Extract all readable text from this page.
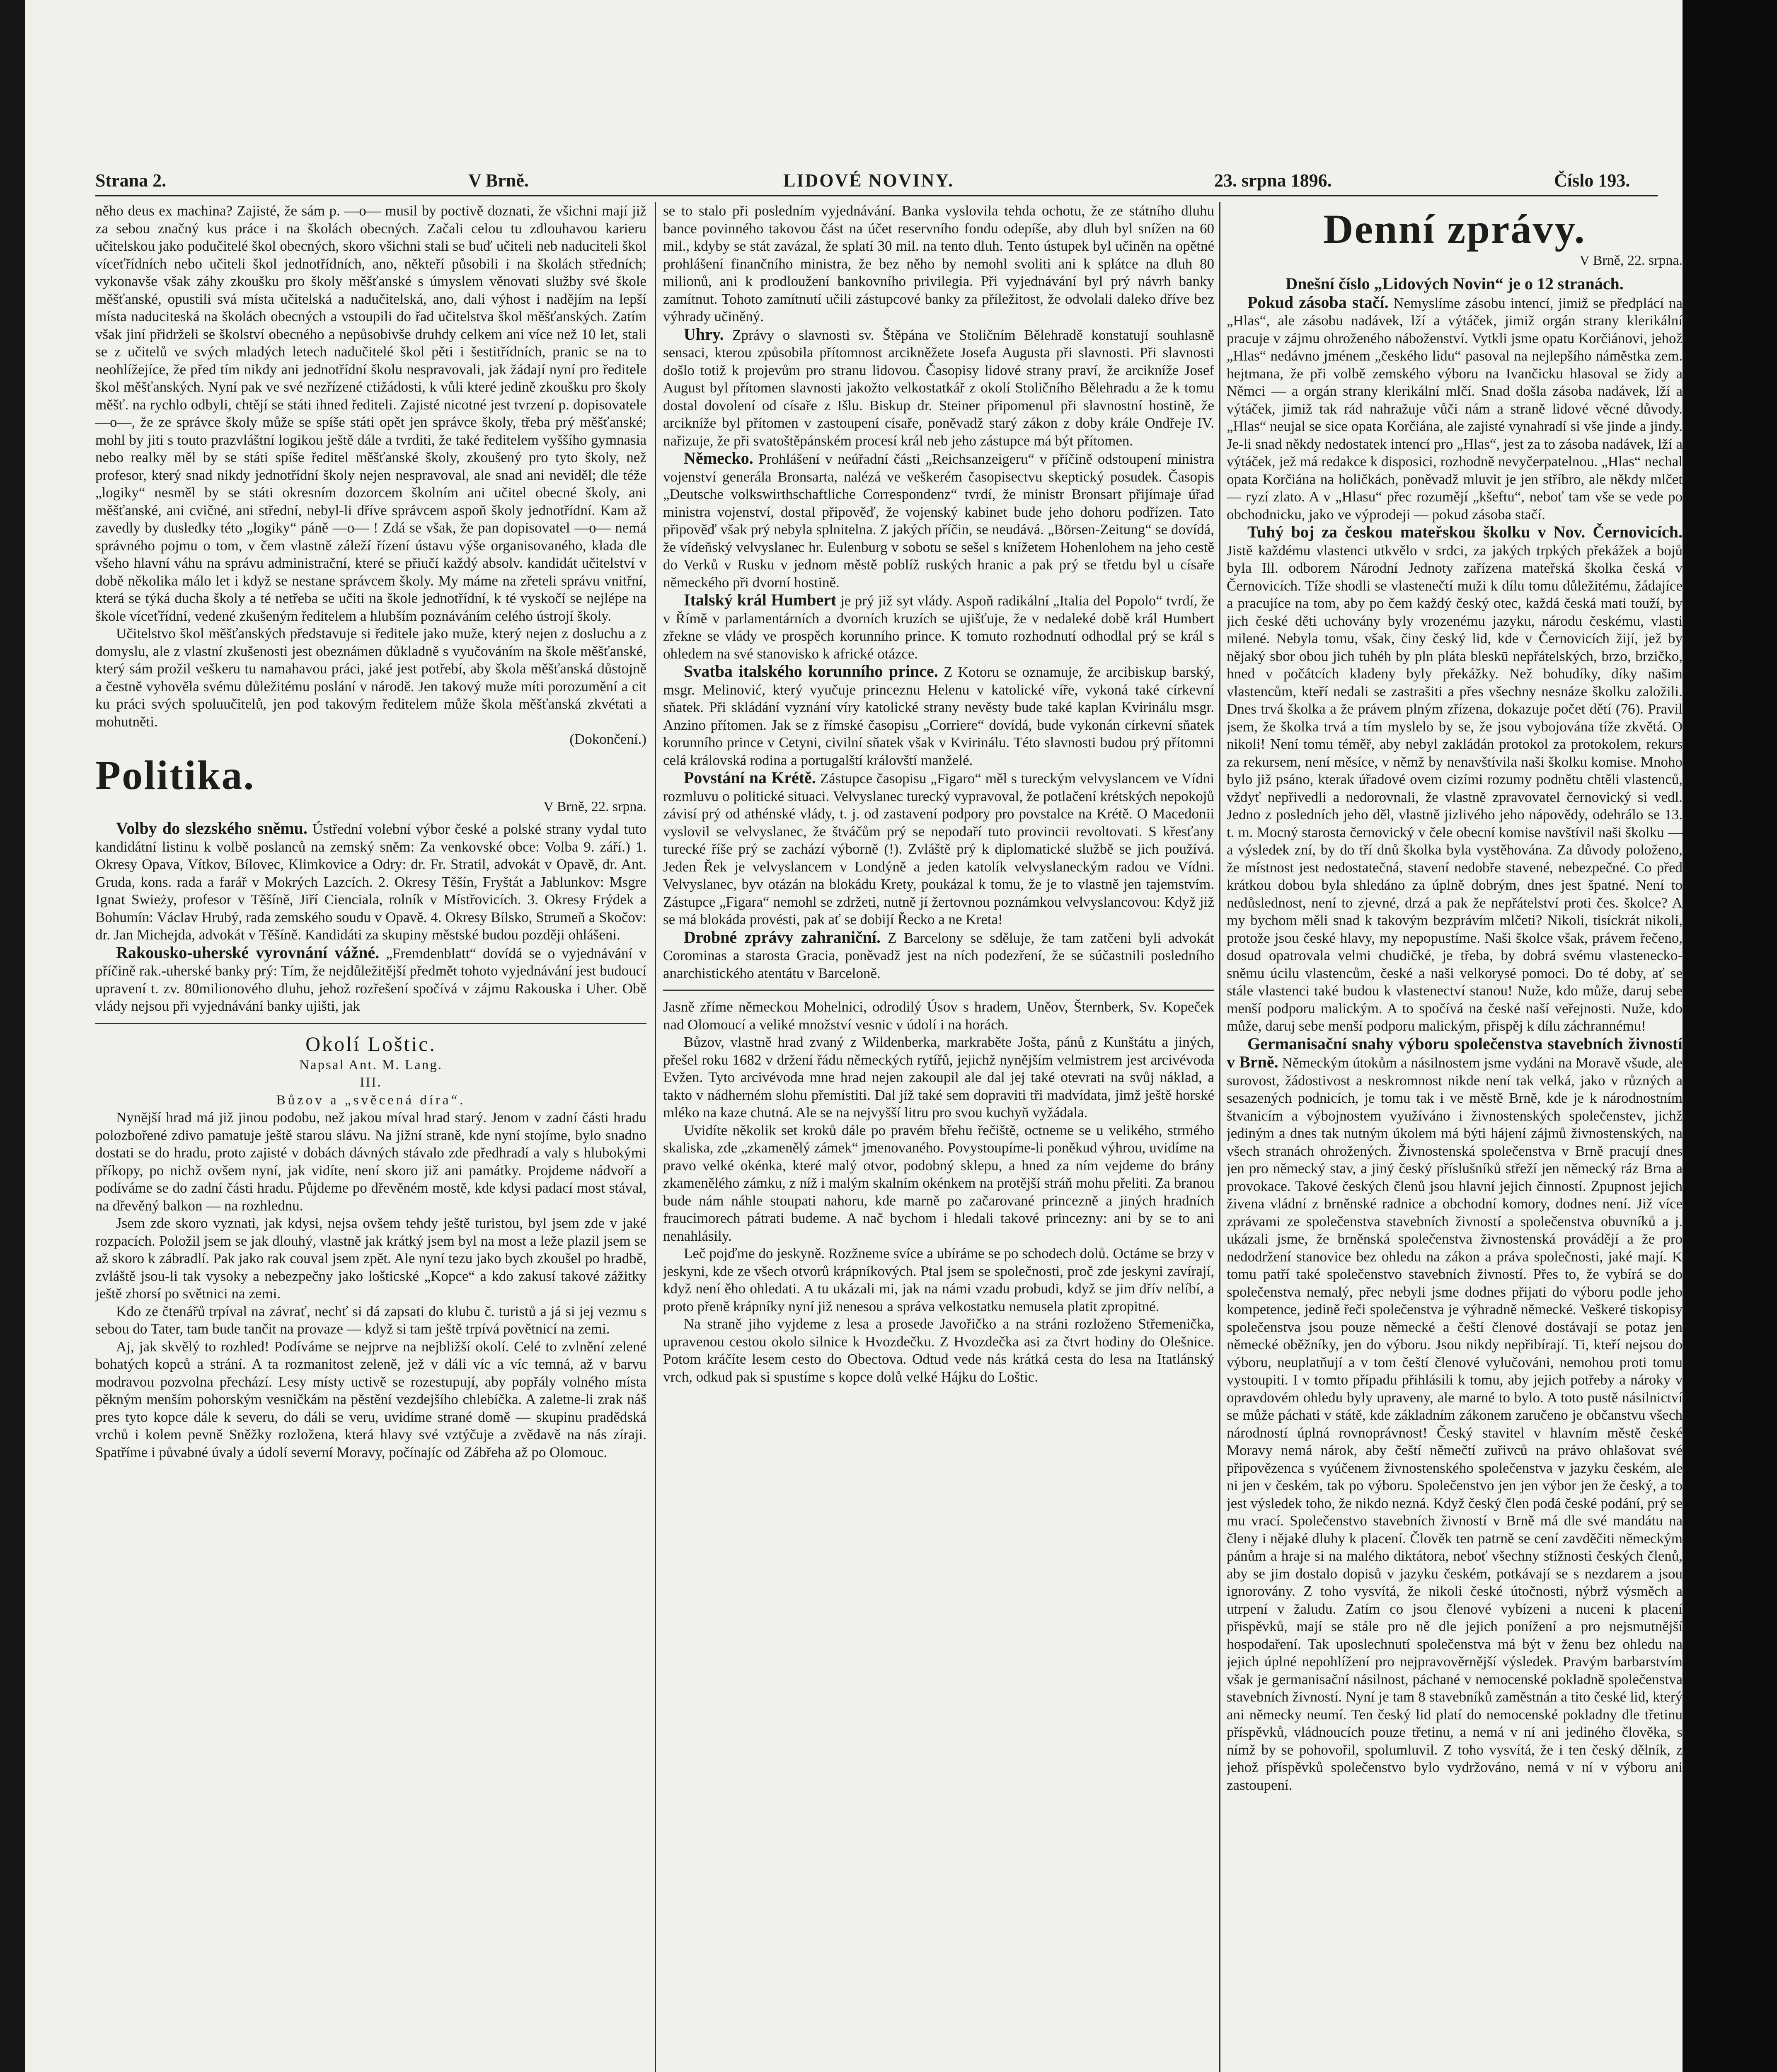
Strana 2.	V Brně.	LIDOVÉ NOVINY.	23. srpna 1896.	Číslo 193.

něho deus ex machina? Zajisté, že sám p. —o— musil by poctivě doznati, že všichni mají již za sebou značný kus práce i na školách obecných. Začali celou tu zdlouhavou karieru učitelskou jako podučitelé škol obecných, skoro všichni stali se buď učiteli neb naduciteli škol víceťřídních nebo učiteli škol jednotřídních, ano, někteří působili i na školách středních; vykonavše však záhy zkoušku pro školy měšťanské s úmyslem věnovati služby své škole měšťanské, opustili svá místa učitelská a nadučitelská, ano, dali výhost i nadějím na lepší místa naduciteská na školách obecných a vstoupili do řad učitelstva škol měšťanských. Zatím však jiní přidrželi se školství obecného a nepůsobivše druhdy celkem ani více než 10 let, stali se z učitelů ve svých mladých letech nadučitelé škol pěti i šestitřídních, pranic se na to neohlížejíce, že před tím nikdy ani jednotřídní školu nespravovali, jak žádají nyní pro ředitele škol měšťanských. Nyní pak ve své nezřízené ctižádosti, k vůli které jedině zkoušku pro školy měšť. na rychlo odbyli, chtějí se státi ihned řediteli. Zajisté nicotné jest tvrzení p. dopisovatele —o—, že ze správce školy může se spíše státi opět jen správce školy, třeba prý měšťanské; mohl by jiti s touto prazvláštní logikou ještě dále a tvrditi, že také ředitelem vyššího gymnasia nebo realky měl by se státi spíše ředitel měšťanské školy, zkoušený pro tyto školy, než profesor, který snad nikdy jednotřídní školy nejen nespravoval, ale snad ani neviděl; dle téže „logiky“ nesměl by se státi okresním dozorcem školním ani učitel obecné školy, ani měšťanské, ani cvičné, ani střední, nebyl-li dříve správcem aspoň školy jednotřídní. Kam až zavedly by dusledky této „logiky“ páně —o— ! Zdá se však, že pan dopisovatel —o— nemá správného pojmu o tom, v čem vlastně záleží řízení ústavu výše organisovaného, klada dle všeho hlavní váhu na správu administrační, které se přiučí každý absolv. kandidát učitelství v době několika málo let i když se nestane správcem školy. My máme na zřeteli správu vnitřní, která se týká ducha školy a té netřeba se učiti na škole jednotřídní, k té vyskočí se nejlépe na škole víceťřídní, vedené zkušeným ředitelem a hlubším poznáváním celého ústrojí školy.

Učitelstvo škol měšťanských představuje si ředitele jako muže, který nejen z dosluchu a z domyslu, ale z vlastní zkušenosti jest obeznámen důkladně s vyučováním na škole měšťanské, který sám prožil veškeru tu namahavou práci, jaké jest potřebí, aby škola měšťanská důstojně a čestně vyhověla svému důležitému poslání v národě. Jen takový muže míti porozumění a cit ku práci svých spoluučitelů, jen pod takovým ředitelem může škola měšťanská zkvétati a mohutněti.

(Dokončení.)
Politika.
V Brně, 22. srpna.

Volby do slezského sněmu. Ústřední volební výbor české a polské strany vydal tuto kandidátní listinu k volbě poslanců na zemský sněm: Za venkovské obce: Volba 9. září.) 1. Okresy Opava, Vítkov, Bílovec, Klimkovice a Odry: dr. Fr. Stratil, advokát v Opavě, dr. Ant. Gruda, kons. rada a farář v Mokrých Lazcích. 2. Okresy Těšín, Fryštát a Jablunkov: Msgre Ignat Swieży, profesor v Těšíně, Jiří Cienciala, rolník v Místřovicích. 3. Okresy Frýdek a Bohumín: Václav Hrubý, rada zemského soudu v Opavě. 4. Okresy Bílsko, Strumeň a Skočov: dr. Jan Michejda, advokát v Těšíně. Kandidáti za skupiny městské budou později ohlášeni.

Rakousko-uherské vyrovnání vážné. „Fremdenblatt“ dovídá se o vyjednávání v příčině rak.-uherské banky prý: Tím, že nejdůležitější předmět tohoto vyjednávání jest budoucí upravení t. zv. 80milionového dluhu, jehož rozřešení spočívá v zájmu Rakouska i Uher. Obě vlády nejsou při vyjednávání banky ujišti, jak

Okolí Loštic.
Napsal Ant. M. Lang.
III.
Bůzov a „svěcená díra“.

Nynější hrad má již jinou podobu, než jakou míval hrad starý. Jenom v zadní části hradu polozbořené zdivo pamatuje ještě starou slávu. Na jižní straně, kde nyní stojíme, bylo snadno dostati se do hradu, proto zajisté v dobách dávných stávalo zde předhradí a valy s hlubokými příkopy, po nichž ovšem nyní, jak vidíte, není skoro již ani památky. Projdeme nádvoří a podíváme se do zadní části hradu. Půjdeme po dřevěném mostě, kde kdysi padací most stával, na dřevěný balkon — na rozhlednu.

Jsem zde skoro vyznati, jak kdysi, nejsa ovšem tehdy ještě turistou, byl jsem zde v jaké rozpacích. Položil jsem se jak dlouhý, vlastně jak krátký jsem byl na most a leže plazil jsem se až skoro k zábradlí. Pak jako rak couval jsem zpět. Ale nyní tezu jako bych zkoušel po hradbě, zvláště jsou-li tak vysoky a nebezpečny jako lošticské „Kopce“ a kdo zakusí takové zážitky ještě zhorsí po světnici na zemi.

Kdo ze čtenářů trpíval na závrať, nechť si dá zapsati do klubu č. turistů a já si jej vezmu s sebou do Tater, tam bude tančit na provaze — když si tam ještě trpívá povětnicí na zemi.

Aj, jak skvělý to rozhled! Podíváme se nejprve na nejbližší okolí. Celé to zvlnění zelené bohatých kopců a strání. A ta rozmanitost zeleně, jež v dáli víc a víc temná, až v barvu modravou pozvolna přechází. Lesy místy uctivě se rozestupují, aby popřály volného místa pěkným menším pohorským vesničkám na pěstění vezdejšího chlebíčka. A zaletne-li zrak náš pres tyto kopce dále k severu, do dáli se veru, uvidíme strané domě — skupinu pradědská vrchů i kolem pevně Sněžky rozložena, která hlavy své vztýčuje a zvědavě na nás zíraji. Spatříme i půvabné úvaly a údolí severní Moravy, počínajíc od Zábřeha až po Olomouc.

se to stalo při posledním vyjednávání. Banka vyslovila tehda ochotu, že ze státního dluhu bance povinného takovou část na účet reservního fondu odepíše, aby dluh byl snížen na 60 mil., kdyby se stát zavázal, že splatí 30 mil. na tento dluh. Tento ústupek byl učiněn na opětné prohlášení finančního ministra, že bez něho by nemohl svoliti ani k splátce na dluh 80 milionů, ani k prodloužení bankovního privilegia. Při vyjednávání byl prý návrh banky zamítnut. Tohoto zamítnutí učili zástupcové banky za příležitost, že odvolali daleko dříve bez výhrady učiněný.

Uhry. Zprávy o slavnosti sv. Štěpána ve Stoličním Bělehradě konstatují souhlasně sensaci, kterou způsobila přítomnost arcikněžete Josefa Augusta při slavnosti. Při slavnosti došlo totiž k projevům pro stranu lidovou. Časopisy lidové strany praví, že arcikníže Josef August byl přítomen slavnosti jakožto velkostatkář z okolí Stoličního Bělehradu a že k tomu dostal dovolení od císaře z Išlu. Biskup dr. Steiner připomenul při slavnostní hostině, že arcikníže byl přítomen v zastoupení císaře, poněvadž starý zákon z doby krále Ondřeje IV. nařizuje, že při svatoštěpánském procesí král neb jeho zástupce má být přítomen.

Německo. Prohlášení v neúřadní části „Reichsanzeigeru“ v příčině odstoupení ministra vojenství generála Bronsarta, nalézá ve veškerém časopisectvu skeptický posudek. Časopis „Deutsche volkswirthschaftliche Correspondenz“ tvrdí, že ministr Bronsart přijímaje úřad ministra vojenství, dostal připověď, že vojenský kabinet bude jeho dohoru podřízen. Tato připověď však prý nebyla splnitelna. Z jakých příčin, se neudává. „Börsen-Zeitung“ se dovídá, že vídeňský velvyslanec hr. Eulenburg v sobotu se sešel s knížetem Hohenlohem na jeho cestě do Verků v Rusku v jednom městě poblíž ruských hranic a pak prý se třetdu byl u císaře německého při dvorní hostině.

Italský král Humbert je prý již syt vlády. Aspoň radikální „Italia del Popolo“ tvrdí, že v Římě v parlamentárních a dvorních kruzích se ujišťuje, že v nedaleké době král Humbert zřekne se vlády ve prospěch korunního prince. K tomuto rozhodnutí odhodlal prý se král s ohledem na své stanovisko k africké otázce.

Svatba italského korunního prince. Z Kotoru se oznamuje, že arcibiskup barský, msgr. Melinović, který vyučuje princeznu Helenu v katolické víře, vykoná také církevní sňatek. Při skládání vyznání víry katolické strany nevěsty bude také kaplan Kvirinálu msgr. Anzino přítomen. Jak se z římské časopisu „Corriere“ dovídá, bude vykonán církevní sňatek korunního prince v Cetyni, civilní sňatek však v Kvirinálu. Této slavnosti budou prý přítomni celá královská rodina a portugalští královští manželé.

Povstání na Krétě. Zástupce časopisu „Figaro“ měl s tureckým velvyslancem ve Vídni rozmluvu o politické situaci. Velvyslanec turecký vypravoval, že potlačení krétských nepokojů závisí prý od athénské vlády, t. j. od zastavení podpory pro povstalce na Krétě. O Macedonii vyslovil se velvyslanec, že štváčům prý se nepodaří tuto provincii revoltovati. S křesťany turecké říše prý se zachází výborně (!). Zvláště prý k diplomatické službě se jich používá. Jeden Řek je velvyslancem v Londýně a jeden katolík velvyslaneckým radou ve Vídni. Velvyslanec, byv otázán na blokádu Krety, poukázal k tomu, že je to vlastně jen tajemstvím. Zástupce „Figara“ nemohl se zdržeti, nutně jí žertovnou poznámkou velvyslancovou: Když již se má blokáda provésti, pak ať se dobijí Řecko a ne Kreta!

Drobné zprávy zahraniční. Z Barcelony se sděluje, že tam zatčeni byli advokát Corominas a starosta Gracia, poněvadž jest na ních podezření, že se súčastnili posledního anarchistického atentátu v Barceloně.

Jasně zříme německou Mohelnici, odrodilý Úsov s hradem, Uněov, Šternberk, Sv. Kopeček nad Olomoucí a veliké množství vesnic v údolí i na horách.

Bůzov, vlastně hrad zvaný z Wildenberka, markraběte Jošta, pánů z Kunštátu a jiných, přešel roku 1682 v držení řádu německých rytířů, jejichž nynějším velmistrem jest arcivévoda Evžen. Tyto arcivévoda mne hrad nejen zakoupil ale dal jej také otevrati na svůj náklad, a takto v nádherném slohu přemístiti. Dal jíž také sem dopraviti tři madvídata, jimž ještě horské mléko na kaze chutná. Ale se na nejvyšší litru pro svou kuchyň vyžádala.

Uvidíte několik set kroků dále po pravém břehu řečiště, octneme se u velikého, strmého skaliska, zde „zkamenělý zámek“ jmenovaného. Povystoupíme-li poněkud výhrou, uvidíme na pravo velké okénka, které malý otvor, podobný sklepu, a hned za ním vejdeme do brány zkamenělého zámku, z níž i malým skalním okénkem na protější stráň mohu přeliti. Za branou bude nám náhle stoupati nahoru, kde marně po začarované princezně a jiných hradních fraucimorech pátrati budeme. A nač bychom i hledali takové princezny: ani by se to ani nenahlásily.

Leč pojďme do jeskyně. Rozžneme svíce a ubíráme se po schodech dolů. Octáme se brzy v jeskyni, kde ze všech otvorů krápníkových. Ptal jsem se společnosti, proč zde jeskyni zavírají, když není ěho ohledati. A tu ukázali mi, jak na námi vzadu probudi, když se jim dřív nelíbí, a proto přeně krápníky nyní již nenesou a správa velkostatku nemusela platit zpropitné.

Na straně jiho vyjdeme z lesa a prosede Javořičko a na stráni rozloženo Střemenička, upravenou cestou okolo silnice k Hvozdečku. Z Hvozdečka asi za čtvrt hodiny do Olešnice. Potom kráčíte lesem cesto do Obectova. Odtud vede nás krátká cesta do lesa na Itatlánský vrch, odkud pak si spustíme s kopce dolů velké Hájku do Loštic.

Denní zprávy.
V Brně, 22. srpna.
Dnešní číslo „Lidových Novin“ je o 12 stranách.

Pokud zásoba stačí. Nemyslíme zásobu intencí, jimiž se předplácí na „Hlas“, ale zásobu nadávek, lží a výtáček, jimiž orgán strany klerikální pracuje v zájmu ohroženého náboženství. Vytkli jsme opatu Korčiánovi, jehož „Hlas“ nedávno jménem „českého lidu“ pasoval na nejlepšího náměstka zem. hejtmana, že při volbě zemského výboru na Ivančicku hlasoval se židy a Němci — a orgán strany klerikální mlčí. Snad došla zásoba nadávek, lží a výtáček, jimiž tak rád nahražuje vůči nám a straně lidové věcné důvody. „Hlas“ neujal se sice opata Korčiána, ale zajisté vynahradí si vše jinde a jindy. Je-li snad někdy nedostatek intencí pro „Hlas“, jest za to zásoba nadávek, lží a výtáček, jež má redakce k disposici, rozhodně nevyčerpatelnou. „Hlas“ nechal opata Korčiána na holičkách, poněvadž mluvit je jen stříbro, ale někdy mlčet — ryzí zlato. A v „Hlasu“ přec rozumějí „kšeftu“, neboť tam vše se vede po obchodnicku, jako ve výprodeji — pokud zásoba stačí.

Tuhý boj za českou mateřskou školku v Nov. Černovicích. Jistě každému vlastenci utkvělo v srdci, za jakých trpkých překážek a bojů byla Ill. odborem Národní Jednoty zařízena mateřská školka česká v Černovicích. Tíže shodli se vlastenečtí muži k dílu tomu důležitému, žádajíce a pracujíce na tom, aby po čem každý český otec, každá česká mati touží, by jich české děti uchovány byly vrozenému jazyku, národu českému, vlasti milené. Nebyla tomu, však, činy český lid, kde v Černovicích žijí, jež by nějaký sbor obou jich tuhéh by pln pláta bleskū nepřátelských, brzo, brzičko, hned v počátcích kladeny byly překážky. Než bohudíky, díky našim vlastencům, kteří nedali se zastrašiti a přes všechny nesnáze školku založili. Dnes trvá školka a že právem plným zřízena, dokazuje počet dětí (76). Pravil jsem, že školka trvá a tím myslelo by se, že jsou vybojována tíže zkvětá. O nikoli! Není tomu téměř, aby nebyl zakládán protokol za protokolem, rekurs za rekursem, není měsíce, v němž by nenavštívila naši školku komise. Mnoho bylo již psáno, kterak úřadové ovem cizími rozumy podnětu chtěli vlastenců, vždyť nepřivedli a nedorovnali, že vlastně zpravovatel černovický si vedl. Jedno z posledních jeho děl, vlastně jizlivého jeho nápovědy, odehrálo se 13. t. m. Mocný starosta černovický v čele obecní komise navštívil naši školku — a výsledek zní, by do tří dnů školka byla vystěhována. Za důvody položeno, že místnost jest nedostatečná, stavení nedobře stavené, nebezpečné. Co před krátkou dobou byla shledáno za úplně dobrým, dnes jest špatné. Není to nedůslednost, není to zjevné, drzá a pak že nepřátelství proti čes. školce? A my bychom měli snad k takovým bezprávím mlčeti? Nikoli, tisíckrát nikoli, protože jsou české hlavy, my nepopustíme. Naši školce však, právem řečeno, dosud opatrovala velmi chudičké, je třeba, by dobrá svému vlastenecko-sněmu úcilu vlastencům, české a naši velkorysé pomoci. Do té doby, ať se stále vlastenci také budou k vlastenectví stanou! Nuže, kdo může, daruj sebe menší podporu malickým. A to spočívá na české naší veřejnosti. Nuže, kdo může, daruj sebe menší podporu malickým, přispěj k dílu záchrannému!

Germanisační snahy výboru společenstva stavebních živností v Brně. Německým útokům a násilnostem jsme vydáni na Moravě všude, ale surovost, žádostivost a neskromnost nikde není tak velká, jako v různých a sesazených podnicích, je tomu tak i ve městě Brně, kde je k národnostním štvanicím a výbojnostem využíváno i živnostenských společenstev, jichž jediným a dnes tak nutným úkolem má býti hájení zájmů živnostenských, na všech stranách ohrožených. Živnostenská společenstva v Brně pracují dnes jen pro německý stav, a jiný český příslušníků střeží jen německý ráz Brna a provokace. Takové českých členů jsou hlavní jejich činností. Zpupnost jejich živena vládní z brněnské radnice a obchodní komory, dodnes není. Již více zprávami ze společenstva stavebních živností a společenstva obuvníků a j. ukázali jsme, že brněnská společenstva živnostenská provádějí a že pro nedodržení stanovice bez ohledu na zákon a práva společnosti, jaké mají. K tomu patří také společenstvo stavebních živností. Přes to, že vybírá se do společenstva nemalý, přec nebyli jsme dodnes přijati do výboru podle jeho kompetence, jedině řeči společenstva je výhradně německé. Veškeré tiskopisy společenstva jsou pouze německé a čeští členové dostávají se potaz jen německé oběžníky, jen do výboru. Jsou nikdy nepřibírají. Ti, kteří nejsou do výboru, neuplatňují a v tom čeští členové vylučováni, nemohou proti tomu vystoupiti. I v tomto případu přihlásili k tomu, aby jejich potřeby a nároky v opravdovém ohledu byly upraveny, ale marné to bylo. A toto pustě násilnictví se může páchati v státě, kde základním zákonem zaručeno je občanstvu všech národností úplná rovnoprávnost! Český stavitel v hlavním městě české Moravy nemá nárok, aby čeští němečtí zuřivců na právo ohlašovat své připovězenca s vyúčenem živnostenského společenstva v jazyku českém, ale ni jen v českém, tak po výboru. Společenstvo jen jen výbor jen že český, a to jest výsledek toho, že nikdo nezná. Když český člen podá české podání, prý se mu vrací. Společenstvo stavebních živností v Brně má dle své mandátu na členy i nějaké dluhy k placení. Člověk ten patrně se cení zavděčiti německým pánům a hraje si na malého diktátora, neboť všechny stížnosti českých členů, aby se jim dostalo dopisů v jazyku českém, potkávají se s nezdarem a jsou ignorovány. Z toho vysvítá, že nikoli české útočnosti, nýbrž výsměch a utrpení v žaludu. Zatím co jsou členové vybízeni a nuceni k placení přispěvků, mají se stále pro ně dle jejich ponížení a pro nejsmutnější hospodaření. Tak uposlechnutí společenstva má být v ženu bez ohledu na jejich úplné nepohlížení pro nejpravověrnější výsledek. Pravým barbarstvím však je germanisační násilnost, páchané v nemocenské pokladně společenstva stavebních živností. Nyní je tam 8 stavebníků zaměstnán a tito české lid, který ani německy neumí. Ten český lid platí do nemocenské pokladny dle třetinu příspěvků, vládnoucích pouze třetinu, a nemá v ní ani jediného člověka, s nímž by se pohovořil, spolumluvil. Z toho vysvítá, že i ten český dělník, z jehož příspěvků společenstvo bylo vydržováno, nemá v ní v výboru ani zastoupení.
